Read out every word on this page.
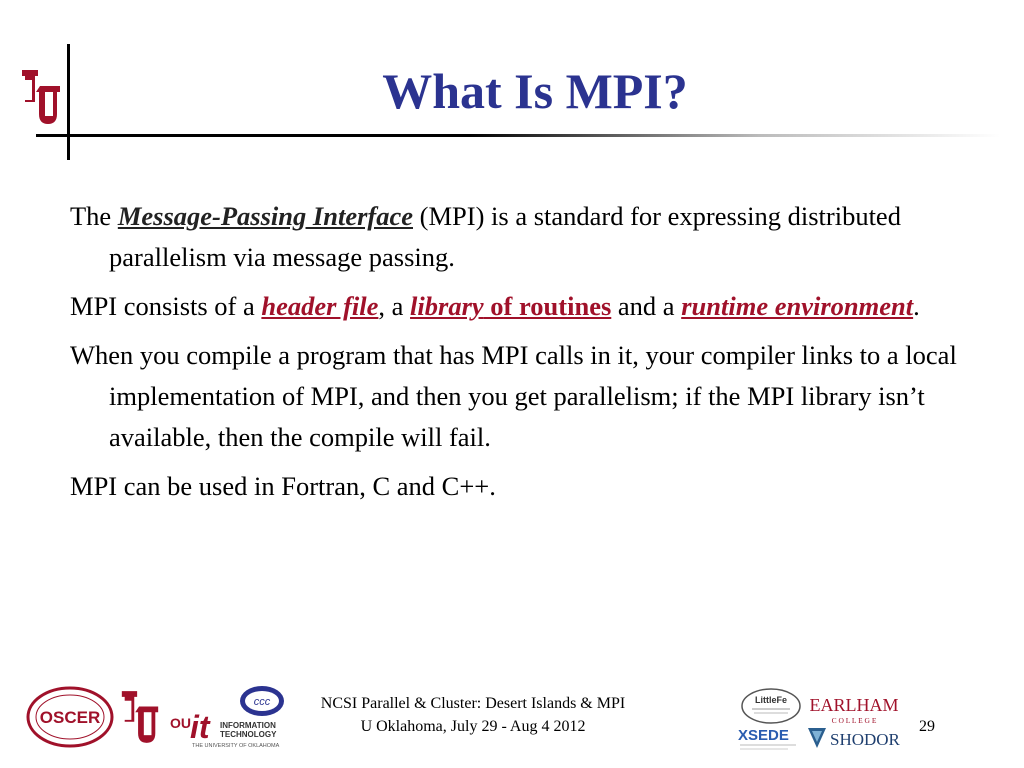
What Is MPI?

The Message-Passing Interface (MPI) is a standard for expressing distributed parallelism via message passing.

MPI consists of a header file, a library of routines and a runtime environment.

When you compile a program that has MPI calls in it, your compiler links to a local implementation of MPI, and then you get parallelism; if the MPI library isn’t available, then the compile will fail.

MPI can be used in Fortran, C and C++.

OSCER	OU it INFORMATION
TECHNOLOGY
THE UNIVERSITY OF OKLAHOMA
ccc	NCSI Parallel & Cluster: Desert Islands & MPI
U Oklahoma, July 29 - Aug 4 2012
LittleFe
XSEDE
EARLHAM
C O L L E G E
SHODOR
29
